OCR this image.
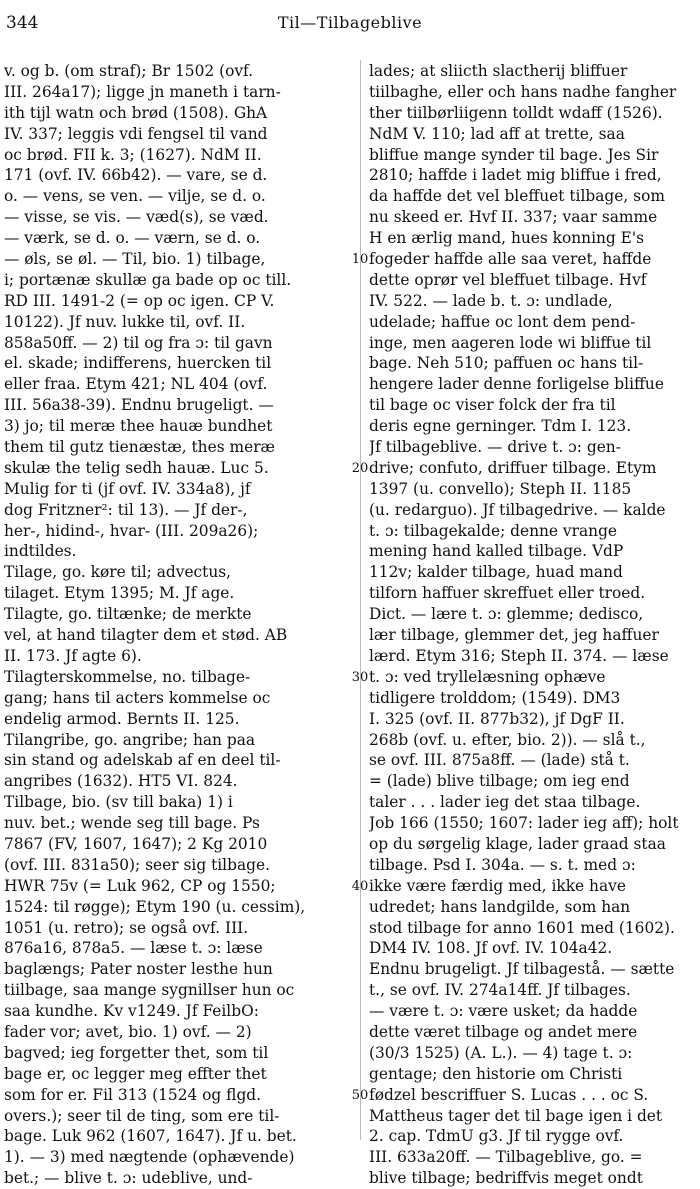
344	Til—Tilbageblive
v. og b. (om straf); Br 1502 (ovf.
III. 264a17); ligge jn maneth i tarn-
ith tijl watn och brød (1508). GhA
IV. 337; leggis vdi fengsel til vand
oc brød. FII k. 3; (1627). NdM II.
171 (ovf. IV. 66b42). — vare, se d.
o. — vens, se ven. — vilje, se d. o.
— visse, se vis. — væd(s), se væd.
— værk, se d. o. — værn, se d. o.
— øls, se øl. — Til, bio. 1) tilbage,
i; portænæ skullæ ga bade op oc till.
RD III. 1491-2 (= op oc igen. CP V.
10122). Jf nuv. lukke til, ovf. II.
858a50ff. — 2) til og fra ɔ: til gavn
el. skade; indifferens, huercken til
eller fraa. Etym 421; NL 404 (ovf.
III. 56a38-39). Endnu brugeligt. —
3) jo; til meræ thee hauæ bundhet
them til gutz tienæstæ, thes meræ
skulæ the telig sedh hauæ. Luc 5.
Mulig for ti (jf ovf. IV. 334a8), jf
dog Fritzner²: til 13). — Jf der-,
her-, hidind-, hvar- (III. 209a26);
indtildes.
Tilage, go. køre til; advectus,
tilaget. Etym 1395; M. Jf age.
Tilagte, go. tiltænke; de merkte
vel, at hand tilagter dem et stød. AB
II. 173. Jf agte 6).
Tilagterskommelse, no. tilbage-
gang; hans til acters kommelse oc
endelig armod. Bernts II. 125.
Tilangribe, go. angribe; han paa
sin stand og adelskab af en deel til-
angribes (1632). HT5 VI. 824.
Tilbage, bio. (sv till baka) 1) i
nuv. bet.; wende seg till bage. Ps
7867 (FV, 1607, 1647); 2 Kg 2010
(ovf. III. 831a50); seer sig tilbage.
HWR 75v (= Luk 962, CP og 1550;
1524: til røgge); Etym 190 (u. cessim),
1051 (u. retro); se også ovf. III.
876a16, 878a5. — læse t. ɔ: læse
baglængs; Pater noster lesthe hun
tiilbage, saa mange sygnillser hun oc
saa kundhe. Kv v1249. Jf FeilbO:
fader vor; avet, bio. 1) ovf. — 2)
bagved; ieg forgetter thet, som til
bage er, oc legger meg effter thet
som for er. Fil 313 (1524 og flgd.
overs.); seer til de ting, som ere til-
bage. Luk 962 (1607, 1647). Jf u. bet.
1). — 3) med nægtende (ophævende)
bet.; — blive t. ɔ: udeblive, und-
10
20
30
40
50
lades; at sliicth slactherij bliffuer
tiilbaghe, eller och hans nadhe fangher
ther tiilbørliigenn tolldt wdaff (1526).
NdM V. 110; lad aff at trette, saa
bliffue mange synder til bage. Jes Sir
2810; haffde i ladet mig bliffue i fred,
da haffde det vel bleffuet tilbage, som
nu skeed er. Hvf II. 337; vaar samme
H en ærlig mand, hues konning E's
fogeder haffde alle saa veret, haffde
dette oprør vel bleffuet tilbage. Hvf
IV. 522. — lade b. t. ɔ: undlade,
udelade; haffue oc lont dem pend-
inge, men aageren lode wi bliffue til
bage. Neh 510; paffuen oc hans til-
hengere lader denne forligelse bliffue
til bage oc viser folck der fra til
deris egne gerninger. Tdm I. 123.
Jf tilbageblive. — drive t. ɔ: gen-
drive; confuto, driffuer tilbage. Etym
1397 (u. convello); Steph II. 1185
(u. redarguo). Jf tilbagedrive. — kalde
t. ɔ: tilbagekalde; denne vrange
mening hand kalled tilbage. VdP
112v; kalder tilbage, huad mand
tilforn haffuer skreffuet eller troed.
Dict. — lære t. ɔ: glemme; dedisco,
lær tilbage, glemmer det, jeg haffuer
lærd. Etym 316; Steph II. 374. — læse
t. ɔ: ved tryllelæsning ophæve
tidligere trolddom; (1549). DM3
I. 325 (ovf. II. 877b32), jf DgF II.
268b (ovf. u. efter, bio. 2)). — slå t.,
se ovf. III. 875a8ff. — (lade) stå t.
= (lade) blive tilbage; om ieg end
taler . . . lader ieg det staa tilbage.
Job 166 (1550; 1607: lader ieg aff); holt
op du sørgelig klage, lader graad staa
tilbage. Psd I. 304a. — s. t. med ɔ:
ikke være færdig med, ikke have
udredet; hans landgilde, som han
stod tilbage for anno 1601 med (1602).
DM4 IV. 108. Jf ovf. IV. 104a42.
Endnu brugeligt. Jf tilbagestå. — sætte
t., se ovf. IV. 274a14ff. Jf tilbages.
— være t. ɔ: være usket; da hadde
dette været tilbage og andet mere
(30/3 1525) (A. L.). — 4) tage t. ɔ:
gentage; den historie om Christi
fødzel bescriffuer S. Lucas . . . oc S.
Mattheus tager det til bage igen i det
2. cap. TdmU g3. Jf til rygge ovf.
III. 633a20ff. — Tilbageblive, go. =
blive tilbage; bedriffvis meget ondt
